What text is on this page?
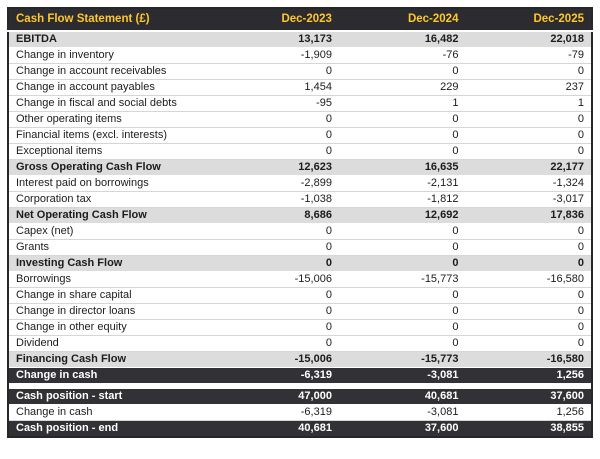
Cash Flow Statement (£)	Dec-2023	Dec-2024	Dec-2025
EBITDA	13,173	16,482	22,018
Change in inventory	-1,909	-76	-79
Change in account receivables	0	0	0
Change in account payables	1,454	229	237
Change in fiscal and social debts	-95	1	1
Other operating items	0	0	0
Financial items (excl. interests)	0	0	0
Exceptional items	0	0	0
Gross Operating Cash Flow	12,623	16,635	22,177
Interest paid on borrowings	-2,899	-2,131	-1,324
Corporation tax	-1,038	-1,812	-3,017
Net Operating Cash Flow	8,686	12,692	17,836
Capex (net)	0	0	0
Grants	0	0	0
Investing Cash Flow	0	0	0
Borrowings	-15,006	-15,773	-16,580
Change in share capital	0	0	0
Change in director loans	0	0	0
Change in other equity	0	0	0
Dividend	0	0	0
Financing Cash Flow	-15,006	-15,773	-16,580
Change in cash	-6,319	-3,081	1,256

Cash position - start	47,000	40,681	37,600
Change in cash	-6,319	-3,081	1,256
Cash position - end	40,681	37,600	38,855
